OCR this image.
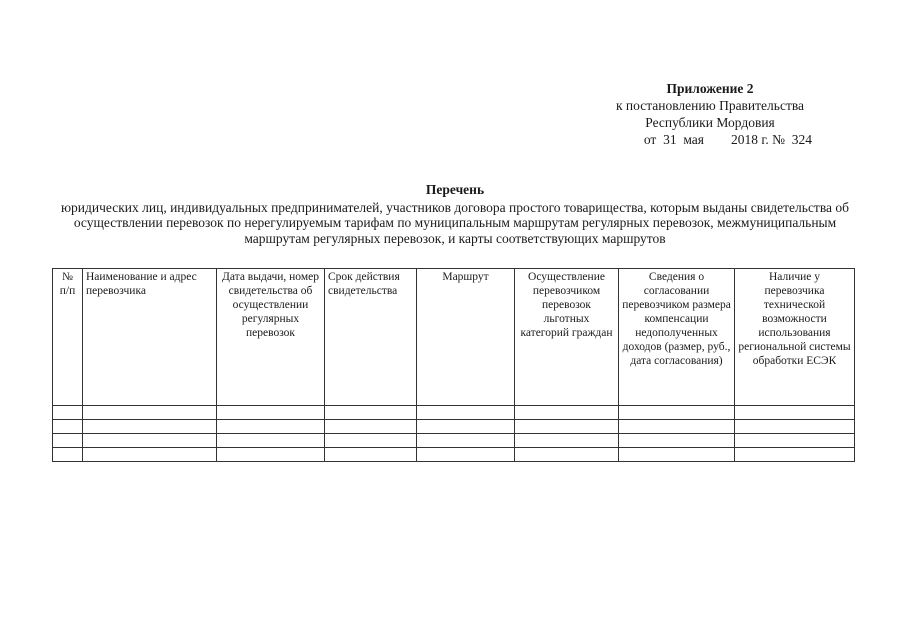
Приложение 2
к постановлению Правительства
Республики Мордовия
от  31  мая        2018 г. №  324
Перечень
юридических лиц, индивидуальных предпринимателей, участников договора простого товарищества, которым выданы свидетельства об осуществлении перевозок по нерегулируемым тарифам по муниципальным маршрутам регулярных перевозок, межмуниципальным маршрутам регулярных перевозок, и карты соответствующих маршрутов
№ п/п	Наименование и адрес перевозчика	Дата выдачи, номер свидетельства об осуществлении регулярных перевозок	Срок действия свидетельства	Маршрут	Осуществление перевозчиком перевозок льготных категорий граждан	Сведения о согласовании перевозчиком размера компенсации недополученных доходов (размер, руб., дата согласования)	Наличие у перевозчика технической возможности использования региональной системы обработки ЕСЭК
